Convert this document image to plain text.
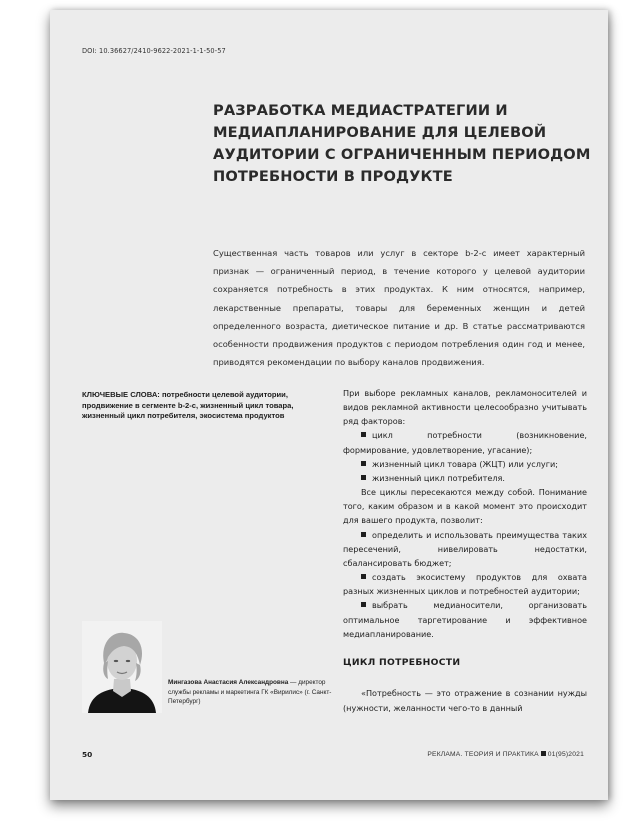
DOI: 10.36627/2410-9622-2021-1-1-50-57
РАЗРАБОТКА МЕДИАСТРАТЕГИИ И МЕДИАПЛАНИРОВАНИЕ ДЛЯ ЦЕЛЕВОЙ АУДИТОРИИ С ОГРАНИЧЕННЫМ ПЕРИОДОМ ПОТРЕБНОСТИ В ПРОДУКТЕ

Существенная часть товаров или услуг в секторе b-2-c имеет характерный признак — ограниченный период, в течение которого у целевой аудитории сохраняется потребность в этих продуктах. К ним относятся, например, лекарственные препараты, товары для беременных женщин и детей определенного возраста, диетическое питание и др. В статье рассматриваются особенности продвижения продуктов с периодом потребления один год и менее, приводятся рекомендации по выбору каналов продвижения.

КЛЮЧЕВЫЕ СЛОВА: потребности целевой аудитории, продвижение в сегменте b-2-c, жизненный цикл товара, жизненный цикл потребителя, экосистема продуктов

При выборе рекламных каналов, рекламоносителей и видов рекламной активности целесообразно учитывать ряд факторов:

цикл потребности (возникновение, формирование, удовлетворение, угасание);

жизненный цикл товара (ЖЦТ) или услуги;

жизненный цикл потребителя.

Все циклы пересекаются между собой. Понимание того, каким образом и в какой момент это происходит для вашего продукта, позволит:

определить и использовать преимущества таких пересечений, нивелировать недостатки, сбалансировать бюджет;

создать экосистему продуктов для охвата разных жизненных циклов и потребностей аудитории;

выбрать медианосители, организовать оптимальное таргетирование и эффективное медиапланирование.

ЦИКЛ ПОТРЕБНОСТИ

«Потребность — это отражение в сознании нужды (нужности, желанности чего-то в данный

Мингазова Анастасия Александровна — директор службы рекламы и маркетинга ГК «Вирилис» (г. Санкт-Петербург)

50	РЕКЛАМА. ТЕОРИЯ И ПРАКТИКА 01(95)2021
